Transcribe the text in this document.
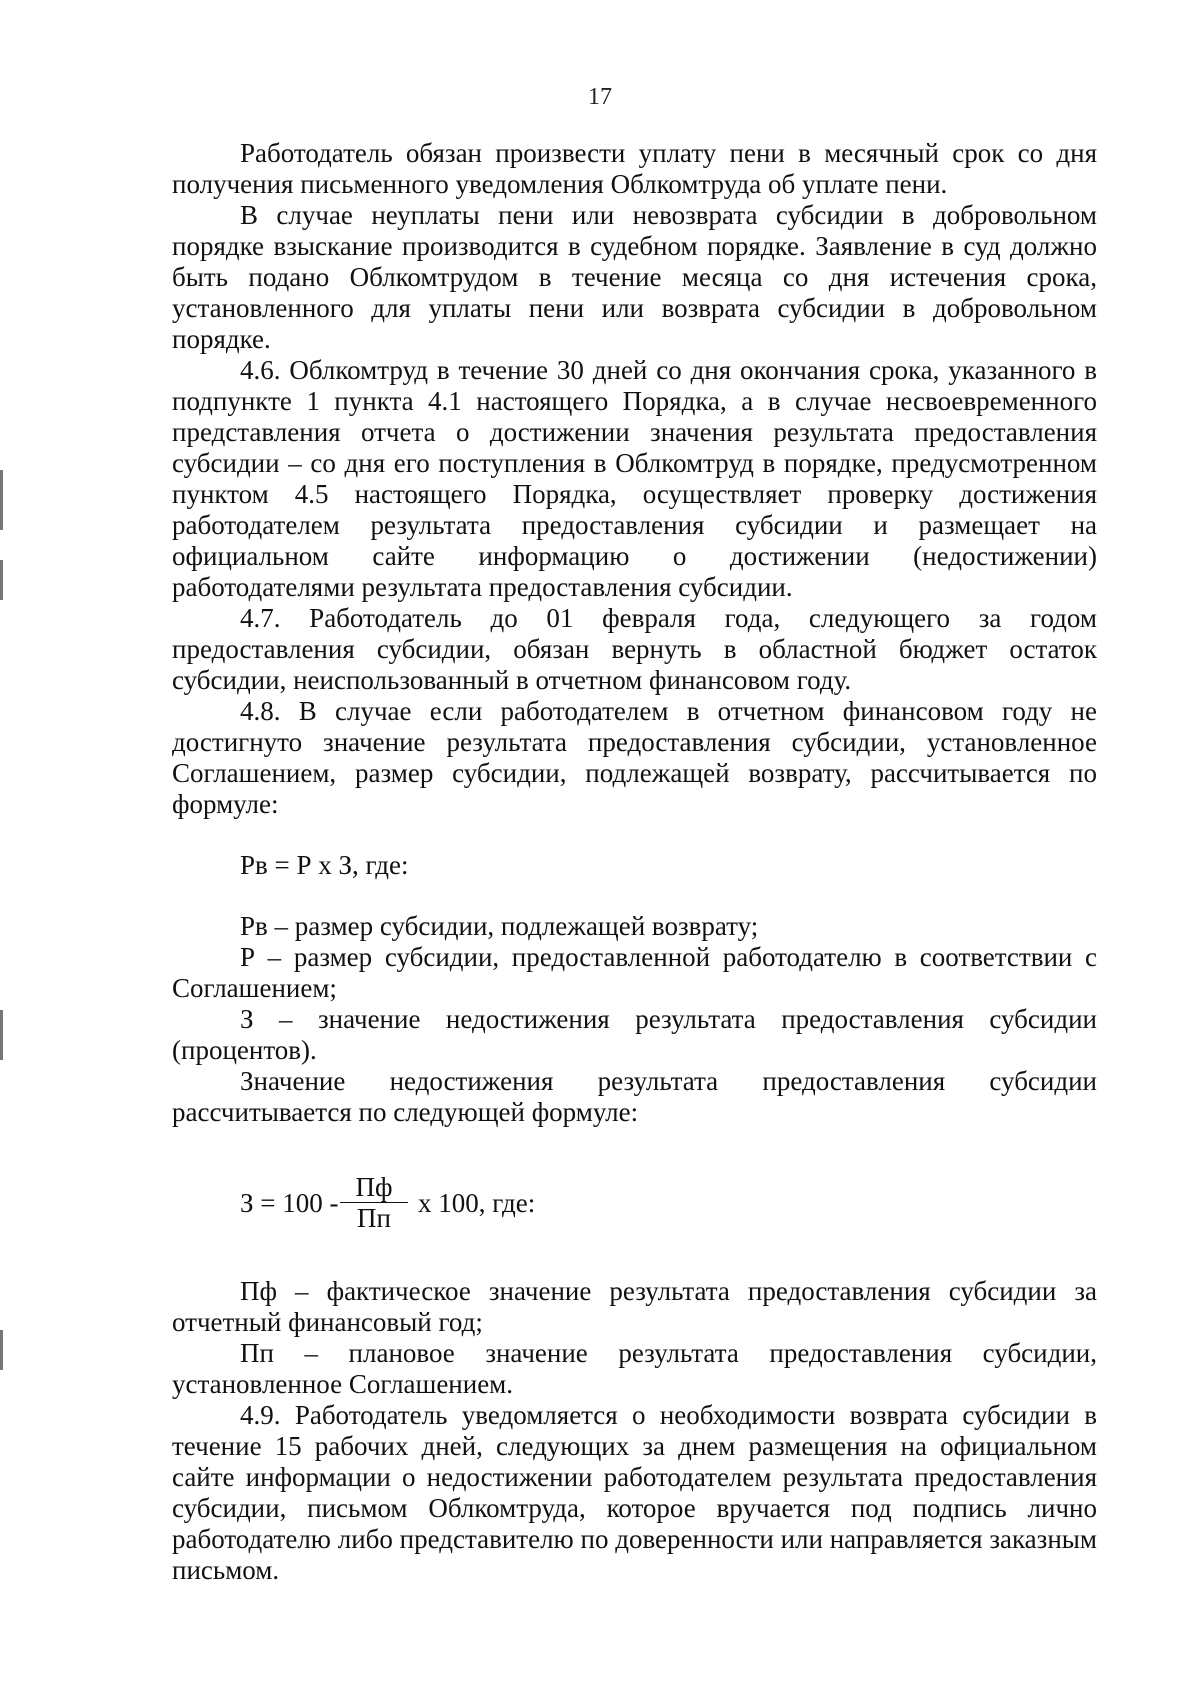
17

Работодатель обязан произвести уплату пени в месячный срок со дня получения письменного уведомления Облкомтруда об уплате пени.

В случае неуплаты пени или невозврата субсидии в добровольном порядке взыскание производится в судебном порядке. Заявление в суд должно быть подано Облкомтрудом в течение месяца со дня истечения срока, установленного для уплаты пени или возврата субсидии в добровольном порядке.

4.6. Облкомтруд в течение 30 дней со дня окончания срока, указанного в подпункте 1 пункта 4.1 настоящего Порядка, а в случае несвоевременного представления отчета о достижении значения результата предоставления субсидии – со дня его поступления в Облкомтруд в порядке, предусмотренном пунктом 4.5 настоящего Порядка, осуществляет проверку достижения работодателем результата предоставления субсидии и размещает на официальном сайте информацию о достижении (недостижении) работодателями результата предоставления субсидии.

4.7. Работодатель до 01 февраля года, следующего за годом предоставления субсидии, обязан вернуть в областной бюджет остаток субсидии, неиспользованный в отчетном финансовом году.

4.8. В случае если работодателем в отчетном финансовом году не достигнуто значение результата предоставления субсидии, установленное Соглашением, размер субсидии, подлежащей возврату, рассчитывается по формуле:

Рв = Р х З, где:

Рв – размер субсидии, подлежащей возврату;

Р – размер субсидии, предоставленной работодателю в соответствии с Соглашением;

З – значение недостижения результата предоставления субсидии (процентов).

Значение недостижения результата предоставления субсидии рассчитывается по следующей формуле:

З = 100 -
Пф
Пп	х 100, где:

Пф – фактическое значение результата предоставления субсидии за отчетный финансовый год;

Пп – плановое значение результата предоставления субсидии, установленное Соглашением.

4.9. Работодатель уведомляется о необходимости возврата субсидии в течение 15 рабочих дней, следующих за днем размещения на официальном сайте информации о недостижении работодателем результата предоставления субсидии, письмом Облкомтруда, которое вручается под подпись лично работодателю либо представителю по доверенности или направляется заказным письмом.
